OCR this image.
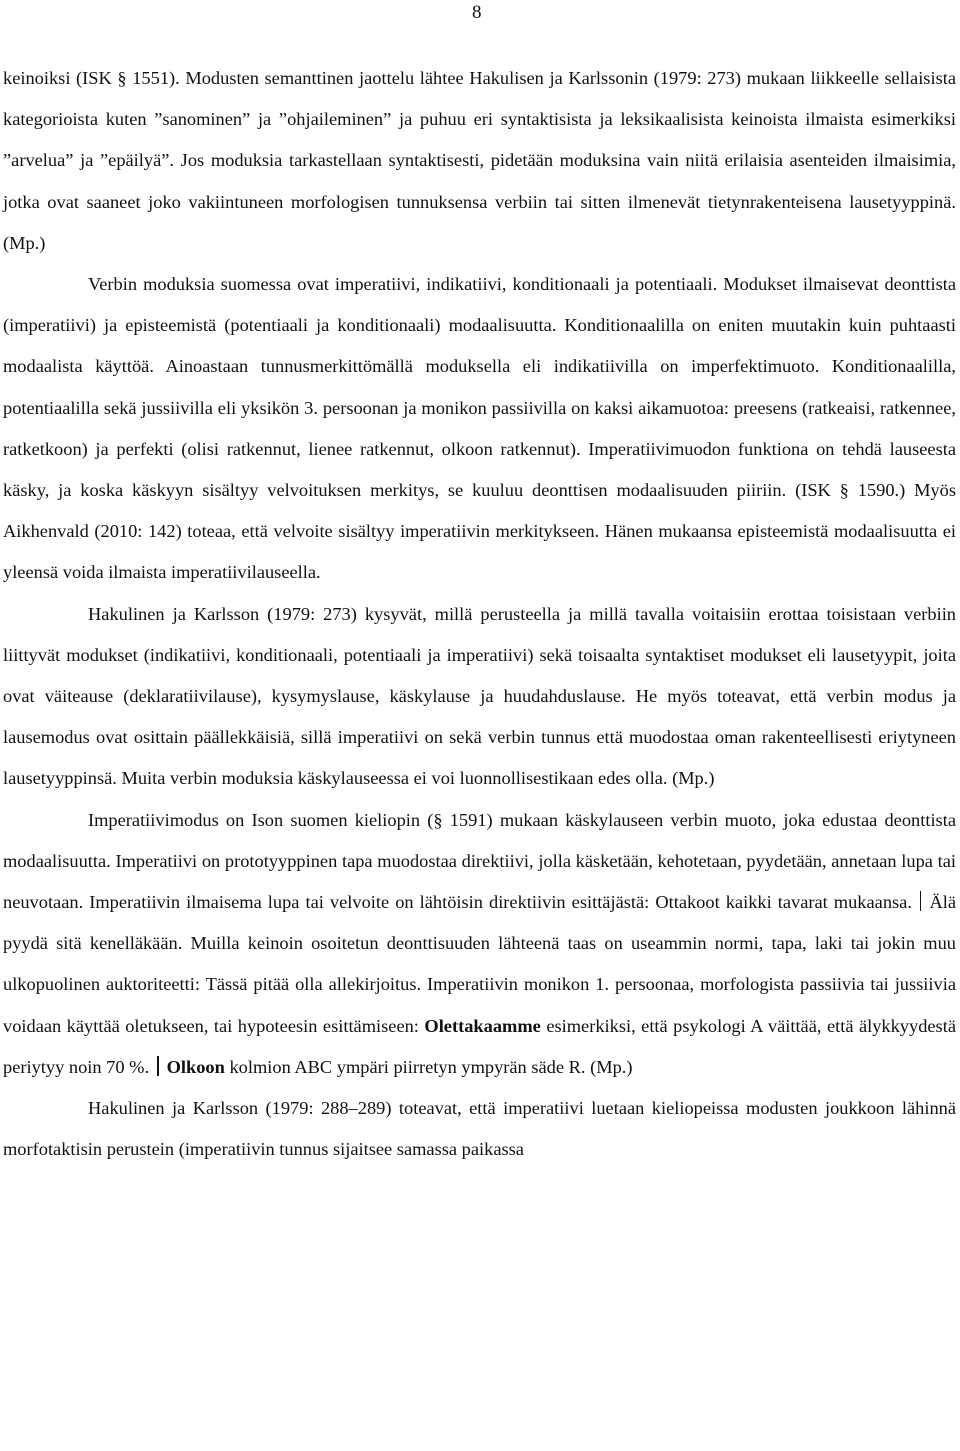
8

keinoiksi (ISK § 1551). Modusten semanttinen jaottelu lähtee Hakulisen ja Karlssonin (1979: 273) mukaan liikkeelle sellaisista kategorioista kuten ”sanominen” ja ”ohjaileminen” ja puhuu eri syntaktisista ja leksikaalisista keinoista ilmaista esimerkiksi ”arvelua” ja ”epäilyä”. Jos moduksia tarkastellaan syntaktisesti, pidetään moduksina vain niitä erilaisia asenteiden ilmaisimia, jotka ovat saaneet joko vakiintuneen morfologisen tunnuksensa verbiin tai sitten ilmenevät tietynrakenteisena lausetyyppinä. (Mp.)

Verbin moduksia suomessa ovat imperatiivi, indikatiivi, konditionaali ja potentiaali. Modukset ilmaisevat deonttista (imperatiivi) ja episteemistä (potentiaali ja konditionaali) modaalisuutta. Konditionaalilla on eniten muutakin kuin puhtaasti modaalista käyttöä. Ainoastaan tunnusmerkittömällä moduksella eli indikatiivilla on imperfektimuoto. Konditionaalilla, potentiaalilla sekä jussiivilla eli yksikön 3. persoonan ja monikon passiivilla on kaksi aikamuotoa: preesens (ratkeaisi, ratkennee, ratketkoon) ja perfekti (olisi ratkennut, lienee ratkennut, olkoon ratkennut). Imperatiivimuodon funktiona on tehdä lauseesta käsky, ja koska käskyyn sisältyy velvoituksen merkitys, se kuuluu deonttisen modaalisuuden piiriin. (ISK § 1590.) Myös Aikhenvald (2010: 142) toteaa, että velvoite sisältyy imperatiivin merkitykseen. Hänen mukaansa episteemistä modaalisuutta ei yleensä voida ilmaista imperatiivilauseella.

Hakulinen ja Karlsson (1979: 273) kysyvät, millä perusteella ja millä tavalla voitaisiin erottaa toisistaan verbiin liittyvät modukset (indikatiivi, konditionaali, potentiaali ja imperatiivi) sekä toisaalta syntaktiset modukset eli lausetyypit, joita ovat väiteause (deklaratiivilause), kysymyslause, käskylause ja huudahduslause. He myös toteavat, että verbin modus ja lausemodus ovat osittain päällekkäisiä, sillä imperatiivi on sekä verbin tunnus että muodostaa oman rakenteellisesti eriytyneen lausetyyppinsä. Muita verbin moduksia käskylauseessa ei voi luonnollisestikaan edes olla. (Mp.)

Imperatiivimodus on Ison suomen kieliopin (§ 1591) mukaan käskylauseen verbin muoto, joka edustaa deonttista modaalisuutta. Imperatiivi on prototyyppinen tapa muodostaa direktiivi, jolla käsketään, kehotetaan, pyydetään, annetaan lupa tai neuvotaan. Imperatiivin ilmaisema lupa tai velvoite on lähtöisin direktiivin esittäjästä: Ottakoot kaikki tavarat mukaansa. Älä pyydä sitä kenelläkään. Muilla keinoin osoitetun deonttisuuden lähteenä taas on useammin normi, tapa, laki tai jokin muu ulkopuolinen auktoriteetti: Tässä pitää olla allekirjoitus. Imperatiivin monikon 1. persoonaa, morfologista passiivia tai jussiivia voidaan käyttää oletukseen, tai hypoteesin esittämiseen: Olettakaamme esimerkiksi, että psykologi A väittää, että älykkyydestä periytyy noin 70 %. Olkoon kolmion ABC ympäri piirretyn ympyrän säde R. (Mp.)

Hakulinen ja Karlsson (1979: 288–289) toteavat, että imperatiivi luetaan kieliopeissa modusten joukkoon lähinnä morfotaktisin perustein (imperatiivin tunnus sijaitsee samassa paikassa
